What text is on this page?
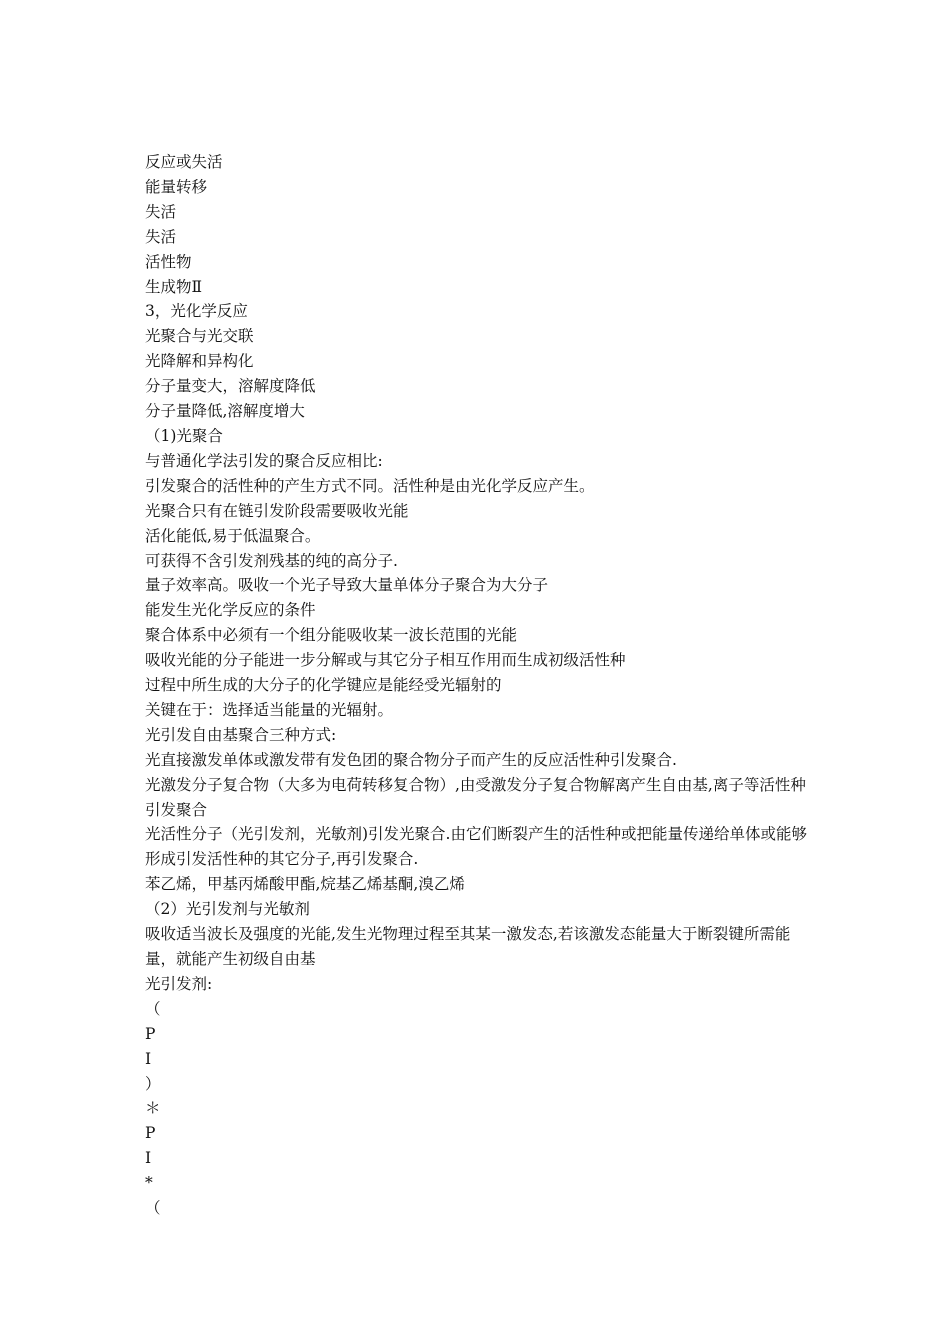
反应或失活
能量转移
失活
失活
活性物
生成物Ⅱ
3，光化学反应
光聚合与光交联
光降解和异构化
分子量变大，溶解度降低
分子量降低,溶解度增大
（1)光聚合
与普通化学法引发的聚合反应相比:
引发聚合的活性种的产生方式不同。活性种是由光化学反应产生。
光聚合只有在链引发阶段需要吸收光能
活化能低,易于低温聚合。
可获得不含引发剂残基的纯的高分子.
量子效率高。吸收一个光子导致大量单体分子聚合为大分子
能发生光化学反应的条件
聚合体系中必须有一个组分能吸收某一波长范围的光能
吸收光能的分子能进一步分解或与其它分子相互作用而生成初级活性种
过程中所生成的大分子的化学键应是能经受光辐射的
关键在于：选择适当能量的光辐射。
光引发自由基聚合三种方式:
光直接激发单体或激发带有发色团的聚合物分子而产生的反应活性种引发聚合.
光激发分子复合物（大多为电荷转移复合物）,由受激发分子复合物解离产生自由基,离子等活性种引发聚合
光活性分子（光引发剂，光敏剂)引发光聚合.由它们断裂产生的活性种或把能量传递给单体或能够形成引发活性种的其它分子,再引发聚合.
苯乙烯，甲基丙烯酸甲酯,烷基乙烯基酮,溴乙烯
（2）光引发剂与光敏剂
吸收适当波长及强度的光能,发生光物理过程至其某一激发态,若该激发态能量大于断裂键所需能量，就能产生初级自由基
光引发剂:
（
P
I
）
＊
P
I
*
（
